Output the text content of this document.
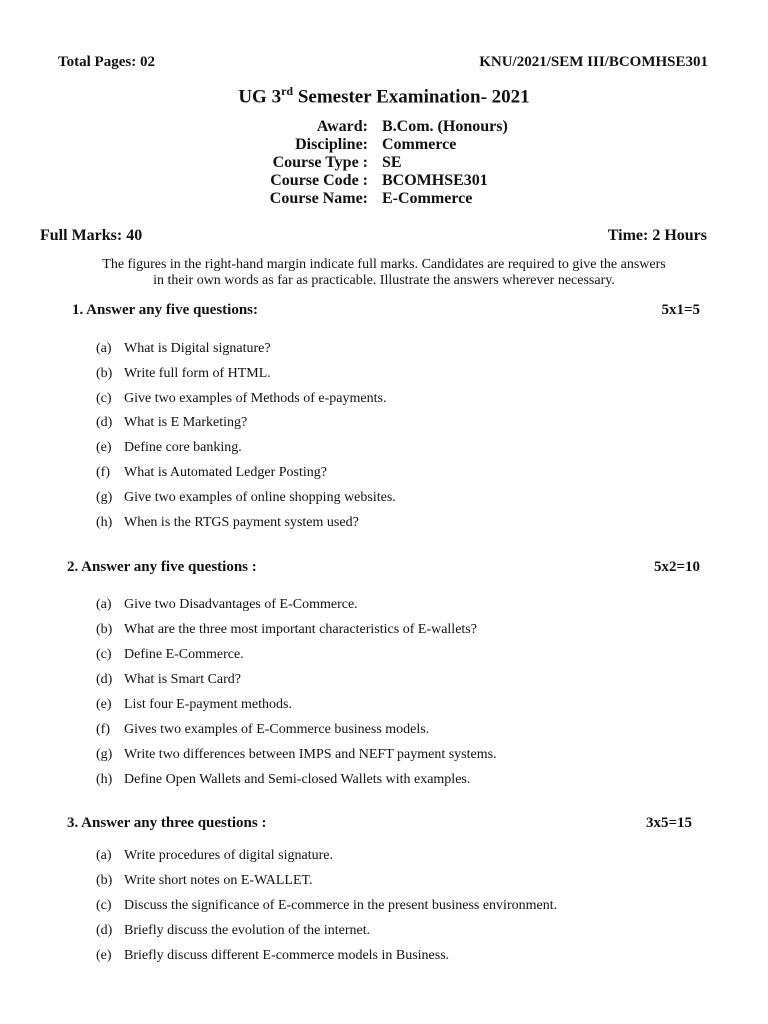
Total Pages: 02	KNU/2021/SEM III/BCOMHSE301
UG 3rd Semester Examination- 2021
Award: B.Com. (Honours)
Discipline: Commerce
Course Type : SE
Course Code : BCOMHSE301
Course Name: E-Commerce
Full Marks: 40	Time: 2 Hours
The figures in the right-hand margin indicate full marks. Candidates are required to give the answers
in their own words as far as practicable. Illustrate the answers wherever necessary.
1. Answer any five questions:	5x1=5
(a) What is Digital signature?
(b) Write full form of HTML.
(c) Give two examples of Methods of e-payments.
(d) What is E Marketing?
(e) Define core banking.
(f) What is Automated Ledger Posting?
(g) Give two examples of online shopping websites.
(h) When is the RTGS payment system used?
2. Answer any five questions :	5x2=10
(a) Give two Disadvantages of E-Commerce.
(b) What are the three most important characteristics of E-wallets?
(c) Define E-Commerce.
(d) What is Smart Card?
(e) List four E-payment methods.
(f) Gives two examples of E-Commerce business models.
(g) Write two differences between IMPS and NEFT payment systems.
(h) Define Open Wallets and Semi-closed Wallets with examples.
3. Answer any three questions :	3x5=15
(a) Write procedures of digital signature.
(b) Write short notes on E-WALLET.
(c) Discuss the significance of E-commerce in the present business environment.
(d) Briefly discuss the evolution of the internet.
(e) Briefly discuss different E-commerce models in Business.
